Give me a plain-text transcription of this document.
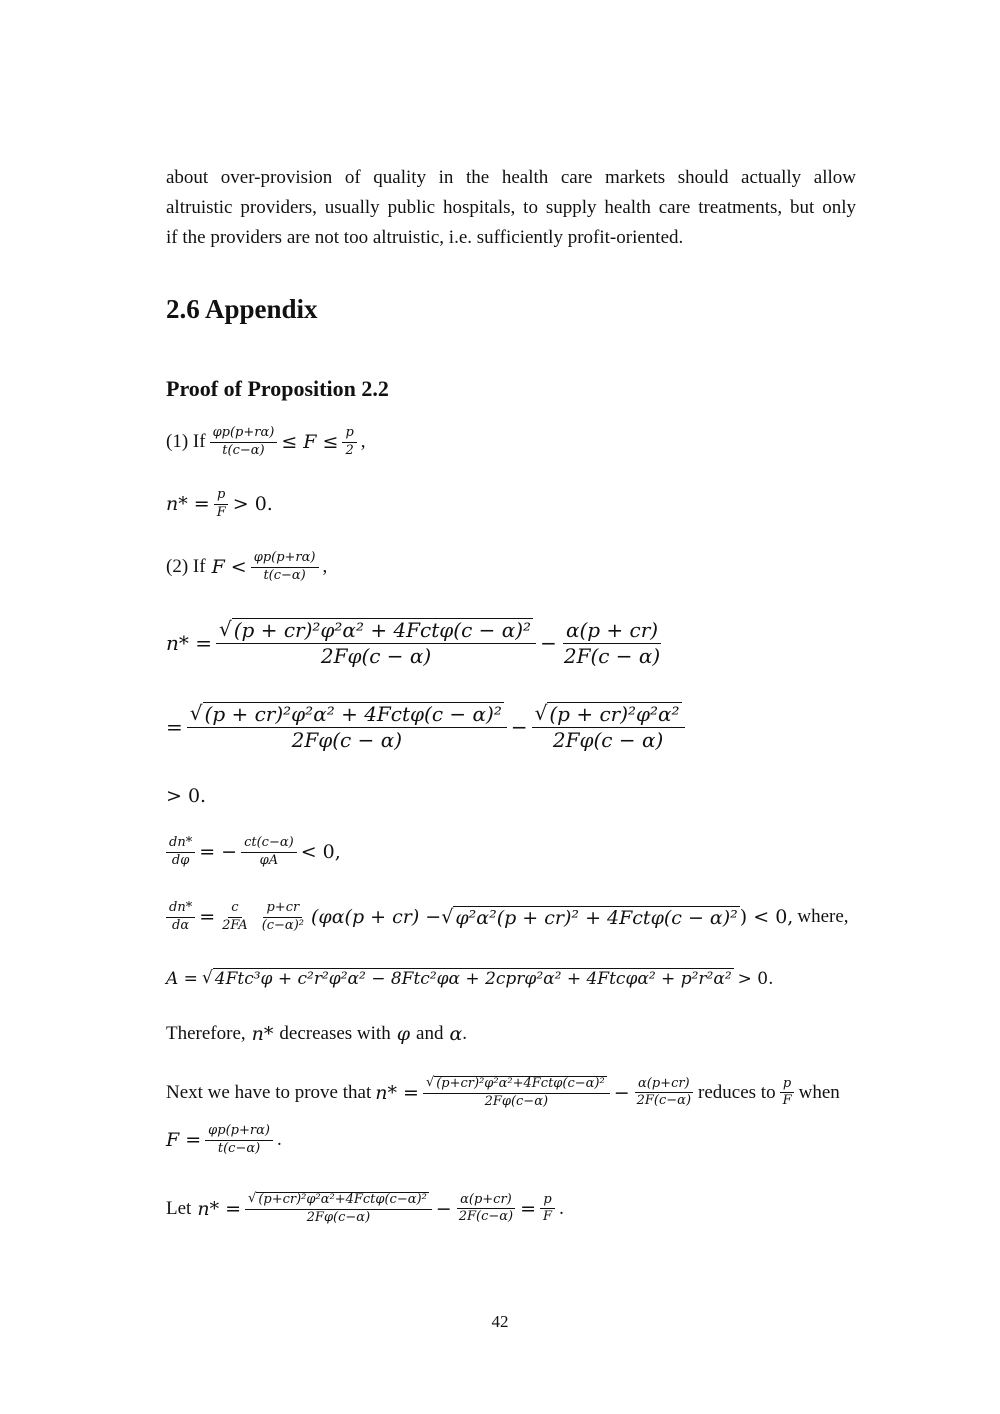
about over-provision of quality in the health care markets should actually allow
altruistic providers, usually public hospitals, to supply health care treatments, but only
if the providers are not too altruistic, i.e. sufficiently profit-oriented.
2.6 Appendix
Proof of Proposition 2.2
(1) If $\frac{\varphi p(p+r\alpha)}{t(c-\alpha)} \le F \le \frac{p}{2}$ ,
$n* = \frac{p}{F} > 0$.
(2) If $F < \frac{\varphi p(p+r\alpha)}{t(c-\alpha)}$ ,
$n* = \frac{\text{√ (p + cr)²φ²α² + 4Fctφ(c − α)²}}{2F\varphi(c - \alpha)} - \frac{\alpha(p + cr)}{2F(c - \alpha)}$
= $\frac{\text{√ (p + cr)²φ²α² + 4Fctφ(c − α)²}}{2F\varphi(c - \alpha)} - \frac{\text{√ (p + cr)²φ²α²}}{2F\varphi(c - \alpha)}$
> 0.
$\frac{dn*}{d\varphi}$ = − $\frac{ct(c-\alpha)}{\varphi A} < 0$,
$\frac{dn*}{d\alpha} = \frac{c}{2FA} \frac{p+cr}{\text{(c−α)²}} (\varphi\alpha(p + cr)$ − √ φ²α²(p + cr)² + 4Fctφ(c − α)² ) < 0, where,
A = √ 4Ftc³φ + c²r²φ²α² − 8Ftc²φα + 2cprφ²α² + 4Ftcφα² + p²r²α² > 0.
Therefore, n* decreases with φ and α .
Next we have to prove that $n* = \frac{\text{√ (p+cr)²φ²α²+4Fctφ(c−α)²}}{2F\varphi(c-\alpha)} - \frac{\alpha(p+cr)}{2F(c-\alpha)}$ reduces to $\frac{p}{F}$ when
$F = \frac{\varphi p(p+r\alpha)}{t(c-\alpha)}$ .
Let $n* = \frac{\text{√ (p+cr)²φ²α²+4Fctφ(c−α)²}}{2F\varphi(c-\alpha)} - \frac{\alpha(p+cr)}{2F(c-\alpha)} = \frac{p}{F}$ .
42
